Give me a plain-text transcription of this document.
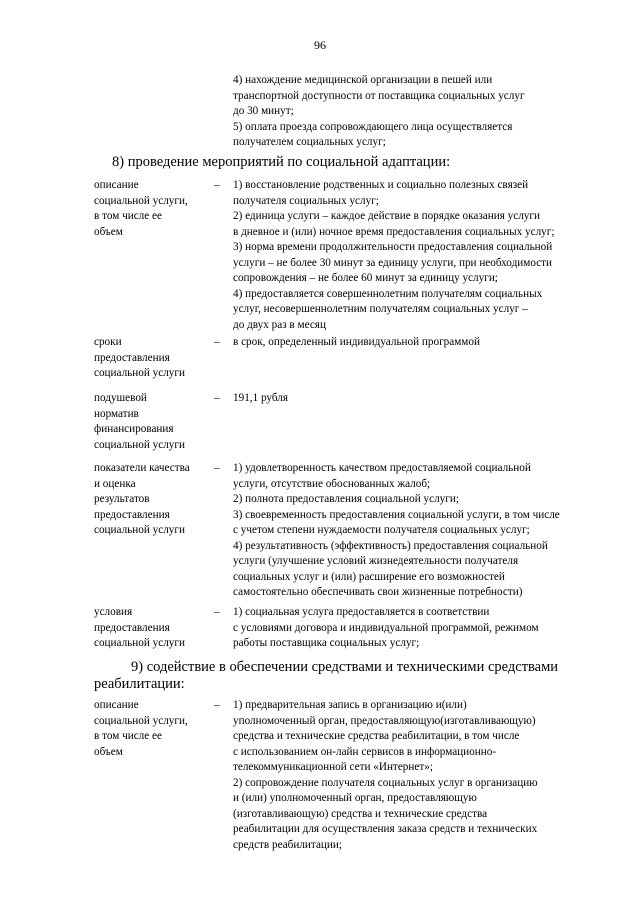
96

4) нахождение медицинской организации в пешей или
транспортной доступности от поставщика социальных услуг
до 30 минут;

5) оплата проезда сопровождающего лица осуществляется
получателем социальных услуг;

8) проведение мероприятий по социальной адаптации:
описание
социальной услуги,
в том числе ее
объем
– 1) восстановление родственных и социально полезных связей
получателя социальных услуг;

2) единица услуги – каждое действие в порядке оказания услуги
в дневное и (или) ночное время предоставления социальных услуг;

3) норма времени продолжительности предоставления социальной
услуги – не более 30 минут за единицу услуги, при необходимости
сопровождения – не более 60 минут за единицу услуги;

4) предоставляется совершеннолетним получателям социальных
услуг, несовершеннолетним получателям социальных услуг –
до двух раз в месяц

сроки
предоставления
социальной услуги
– в срок, определенный индивидуальной программой

подушевой
норматив
финансирования
социальной услуги
– 191,1 рубля

показатели качества
и оценка
результатов
предоставления
социальной услуги
– 1) удовлетворенность качеством предоставляемой социальной
услуги, отсутствие обоснованных жалоб;

2) полнота предоставления социальной услуги;

3) своевременность предоставления социальной услуги, в том числе
с учетом степени нуждаемости получателя социальных услуг;

4) результативность (эффективность) предоставления социальной
услуги (улучшение условий жизнедеятельности получателя
социальных услуг и (или) расширение его возможностей
самостоятельно обеспечивать свои жизненные потребности)

условия
предоставления
социальной услуги
– 1) социальная услуга предоставляется в соответствии
с условиями договора и индивидуальной программой, режимом
работы поставщика социальных услуг;

9) содействие в обеспечении средствами и техническими средствами
реабилитации:
описание
социальной услуги,
в том числе ее
объем
– 1) предварительная запись в организацию и(или)
уполномоченный орган, предоставляющую(изготавливающую)
средства и технические средства реабилитации, в том числе
с использованием он-лайн сервисов в информационно-
телекоммуникационной сети «Интернет»;

2) сопровождение получателя социальных услуг в организацию
и (или) уполномоченный орган, предоставляющую
(изготавливающую) средства и технические средства
реабилитации для осуществления заказа средств и технических
средств реабилитации;
